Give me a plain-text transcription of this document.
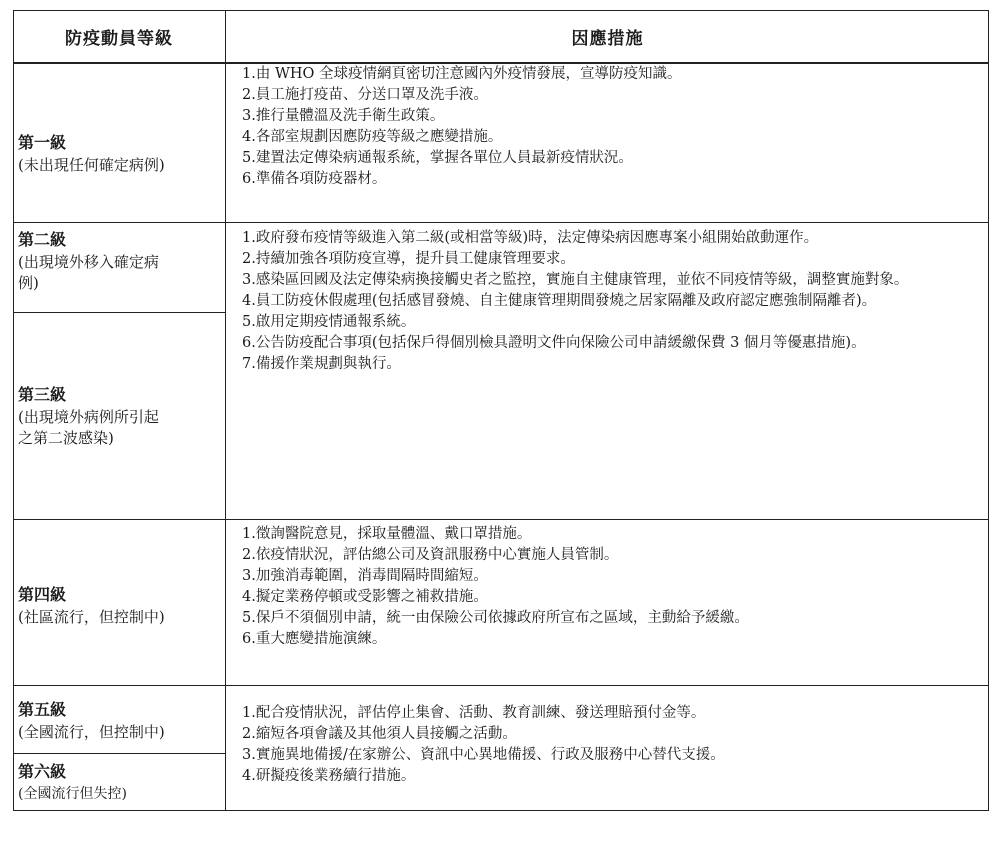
防疫動員等級	因應措施
第一級
(未出現任何確定病例)
第二級
(出現境外移入確定病
例)
第三級
(出現境外病例所引起
之第二波感染)
第四級
(社區流行，但控制中)
第五級
(全國流行，但控制中)
第六級
(全國流行但失控)
1.由 WHO 全球疫情網頁密切注意國內外疫情發展，宣導防疫知識。
2.員工施打疫苗、分送口罩及洗手液。
3.推行量體溫及洗手衛生政策。
4.各部室規劃因應防疫等級之應變措施。
5.建置法定傳染病通報系統，掌握各單位人員最新疫情狀況。
6.準備各項防疫器材。
1.政府發布疫情等級進入第二級(或相當等級)時，法定傳染病因應專案小組開始啟動運作。
2.持續加強各項防疫宣導，提升員工健康管理要求。
3.感染區回國及法定傳染病換接觸史者之監控，實施自主健康管理，並依不同疫情等級，調整實施對象。
4.員工防疫休假處理(包括感冒發燒、自主健康管理期間發燒之居家隔離及政府認定應強制隔離者)。
5.啟用定期疫情通報系統。
6.公告防疫配合事項(包括保戶得個別檢具證明文件向保險公司申請緩繳保費 3 個月等優惠措施)。
7.備援作業規劃與執行。
1.徵詢醫院意見，採取量體溫、戴口罩措施。
2.依疫情狀況，評估總公司及資訊服務中心實施人員管制。
3.加強消毒範圍，消毒間隔時間縮短。
4.擬定業務停頓或受影響之補救措施。
5.保戶不須個別申請，統一由保險公司依據政府所宣布之區域，主動給予緩繳。
6.重大應變措施演練。
1.配合疫情狀況，評估停止集會、活動、教育訓練、發送理賠預付金等。
2.縮短各項會議及其他須人員接觸之活動。
3.實施異地備援/在家辦公、資訊中心異地備援、行政及服務中心替代支援。
4.研擬疫後業務續行措施。
